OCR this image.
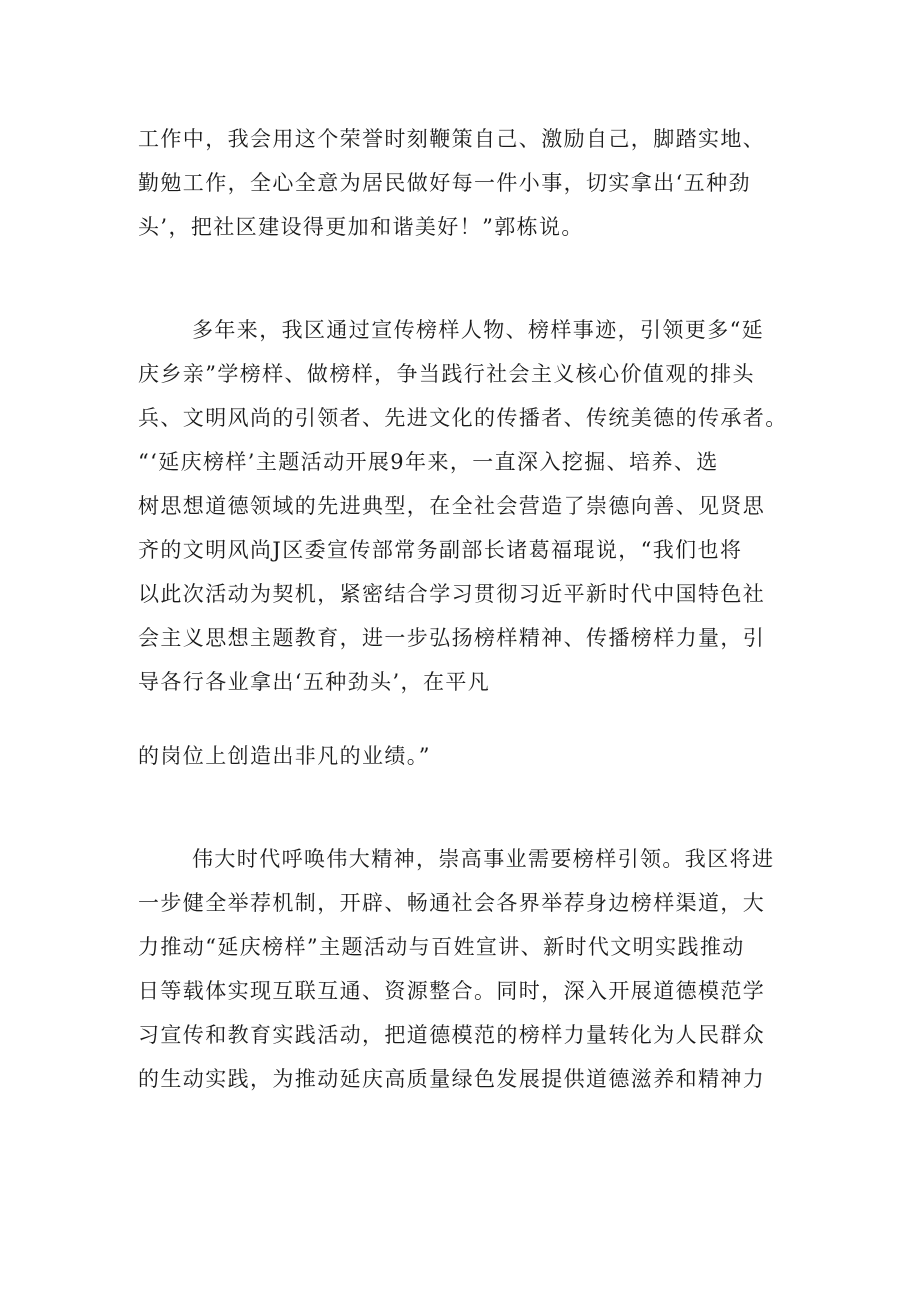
工作中，我会用这个荣誉时刻鞭策自己、激励自己，脚踏实地、

勤勉工作，全心全意为居民做好每一件小事，切实拿出‘五种劲

头’，把社区建设得更加和谐美好！”郭栋说。

多年来，我区通过宣传榜样人物、榜样事迹，引领更多“延

庆乡亲”学榜样、做榜样，争当践行社会主义核心价值观的排头

兵、文明风尚的引领者、先进文化的传播者、传统美德的传承者。

“‘延庆榜样’主题活动开展9年来，一直深入挖掘、培养、选

树思想道德领域的先进典型，在全社会营造了崇德向善、见贤思

齐的文明风尚J区委宣传部常务副部长诸葛福琨说，“我们也将

以此次活动为契机，紧密结合学习贯彻习近平新时代中国特色社

会主义思想主题教育，进一步弘扬榜样精神、传播榜样力量，引

导各行各业拿出‘五种劲头’，在平凡

的岗位上创造出非凡的业绩。”

伟大时代呼唤伟大精神，崇高事业需要榜样引领。我区将进

一步健全举荐机制，开辟、畅通社会各界举荐身边榜样渠道，大

力推动“延庆榜样”主题活动与百姓宣讲、新时代文明实践推动

日等载体实现互联互通、资源整合。同时，深入开展道德模范学

习宣传和教育实践活动，把道德模范的榜样力量转化为人民群众

的生动实践，为推动延庆高质量绿色发展提供道德滋养和精神力
